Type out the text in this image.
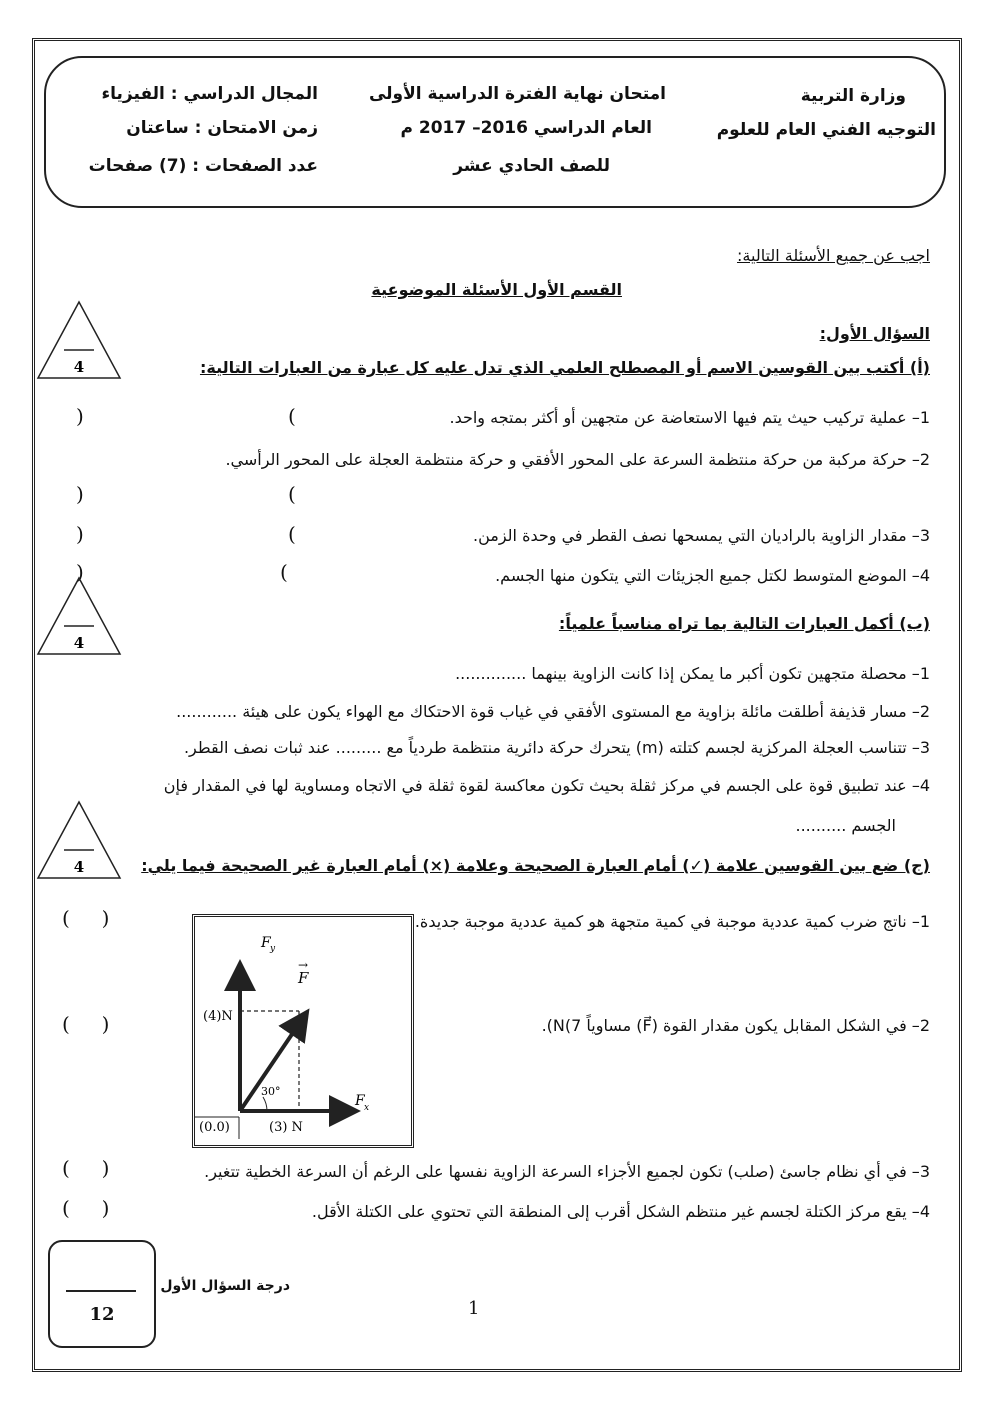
وزارة التربية
التوجيه الفني العام للعلوم
امتحان نهاية الفترة الدراسية الأولى
العام الدراسي 2016– 2017 م
للصف الحادي عشر
المجال الدراسي : الفيزياء
زمن الامتحان : ساعتان
عدد الصفحات : (7) صفحات
اجب عن جميع الأسئلة التالية:
القسم الأول الأسئلة الموضوعية
السؤال الأول:
(أ) أكتب بين القوسين الاسم أو المصطلح العلمي الذي تدل عليه كل عبارة من العبارات التالية:
4
1– عملية تركيب حيث يتم فيها الاستعاضة عن متجهين أو أكثر بمتجه واحد.
)	(
2– حركة مركبة من حركة منتظمة السرعة على المحور الأفقي و حركة منتظمة العجلة على المحور الرأسي.
)	(
3– مقدار الزاوية بالراديان التي يمسحها نصف القطر في وحدة الزمن.
)	(
4– الموضع المتوسط لكتل جميع الجزيئات التي يتكون منها الجسم.
)	(
(ب) أكمل العبارات التالية بما تراه مناسباً علمياً:
4
1– محصلة متجهين تكون أكبر ما يمكن إذا كانت الزاوية بينهما ..............
2– مسار قذيفة أطلقت مائلة بزاوية مع المستوى الأفقي في غياب قوة الاحتكاك مع الهواء يكون على هيئة ............
3– تتناسب العجلة المركزية لجسم كتلته (m) يتحرك حركة دائرية منتظمة طردياً مع ......... عند ثبات نصف القطر.
4– عند تطبيق قوة على الجسم في مركز ثقلة بحيث تكون معاكسة لقوة ثقلة في الاتجاه ومساوية لها في المقدار فإن
الجسم ..........
(ج) ضع بين القوسين علامة (✓) أمام العبارة الصحيحة وعلامة (×) أمام العبارة غير الصحيحة فيما يلي:
4
1– ناتج ضرب كمية عددية موجبة في كمية متجهة هو كمية عددية موجبة جديدة.
(     )
2– في الشكل المقابل يكون مقدار القوة (F⃗) مساوياً 7)N).
(     )
3– في أي نظام جاسئ (صلب) تكون لجميع الأجزاء السرعة الزاوية نفسها على الرغم أن السرعة الخطية تتغير.
(     )
4– يقع مركز الكتلة لجسم غير منتظم الشكل أقرب إلى المنطقة التي تحتوي على الكتلة الأقل.
(     )
F y
F
→
(4)N
30°
F x
(0.0)	(3) N
12
درجة السؤال الأول
1
